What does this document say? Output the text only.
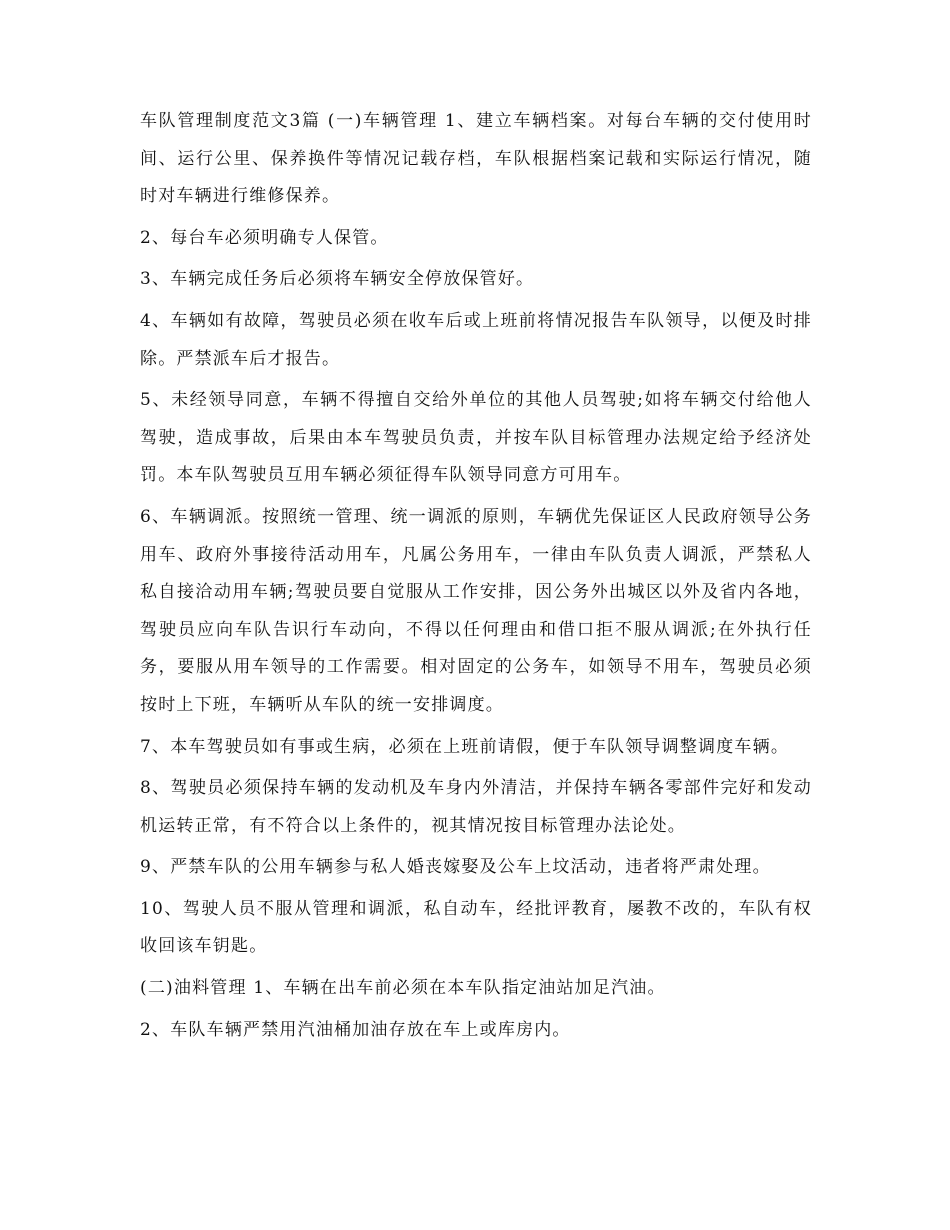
车队管理制度范文3篇 (一)车辆管理 1、建立车辆档案。对每台车辆的交付使用时间、运行公里、保养换件等情况记载存档，车队根据档案记载和实际运行情况，随时对车辆进行维修保养。

2、每台车必须明确专人保管。

3、车辆完成任务后必须将车辆安全停放保管好。

4、车辆如有故障，驾驶员必须在收车后或上班前将情况报告车队领导，以便及时排除。严禁派车后才报告。

5、未经领导同意，车辆不得擅自交给外单位的其他人员驾驶;如将车辆交付给他人驾驶，造成事故，后果由本车驾驶员负责，并按车队目标管理办法规定给予经济处罚。本车队驾驶员互用车辆必须征得车队领导同意方可用车。

6、车辆调派。按照统一管理、统一调派的原则，车辆优先保证区人民政府领导公务用车、政府外事接待活动用车，凡属公务用车，一律由车队负责人调派，严禁私人私自接洽动用车辆;驾驶员要自觉服从工作安排，因公务外出城区以外及省内各地，驾驶员应向车队告识行车动向，不得以任何理由和借口拒不服从调派;在外执行任务，要服从用车领导的工作需要。相对固定的公务车，如领导不用车，驾驶员必须按时上下班，车辆听从车队的统一安排调度。

7、本车驾驶员如有事或生病，必须在上班前请假，便于车队领导调整调度车辆。

8、驾驶员必须保持车辆的发动机及车身内外清洁，并保持车辆各零部件完好和发动机运转正常，有不符合以上条件的，视其情况按目标管理办法论处。

9、严禁车队的公用车辆参与私人婚丧嫁娶及公车上坟活动，违者将严肃处理。

10、驾驶人员不服从管理和调派，私自动车，经批评教育，屡教不改的，车队有权收回该车钥匙。

(二)油料管理 1、车辆在出车前必须在本车队指定油站加足汽油。

2、车队车辆严禁用汽油桶加油存放在车上或库房内。
